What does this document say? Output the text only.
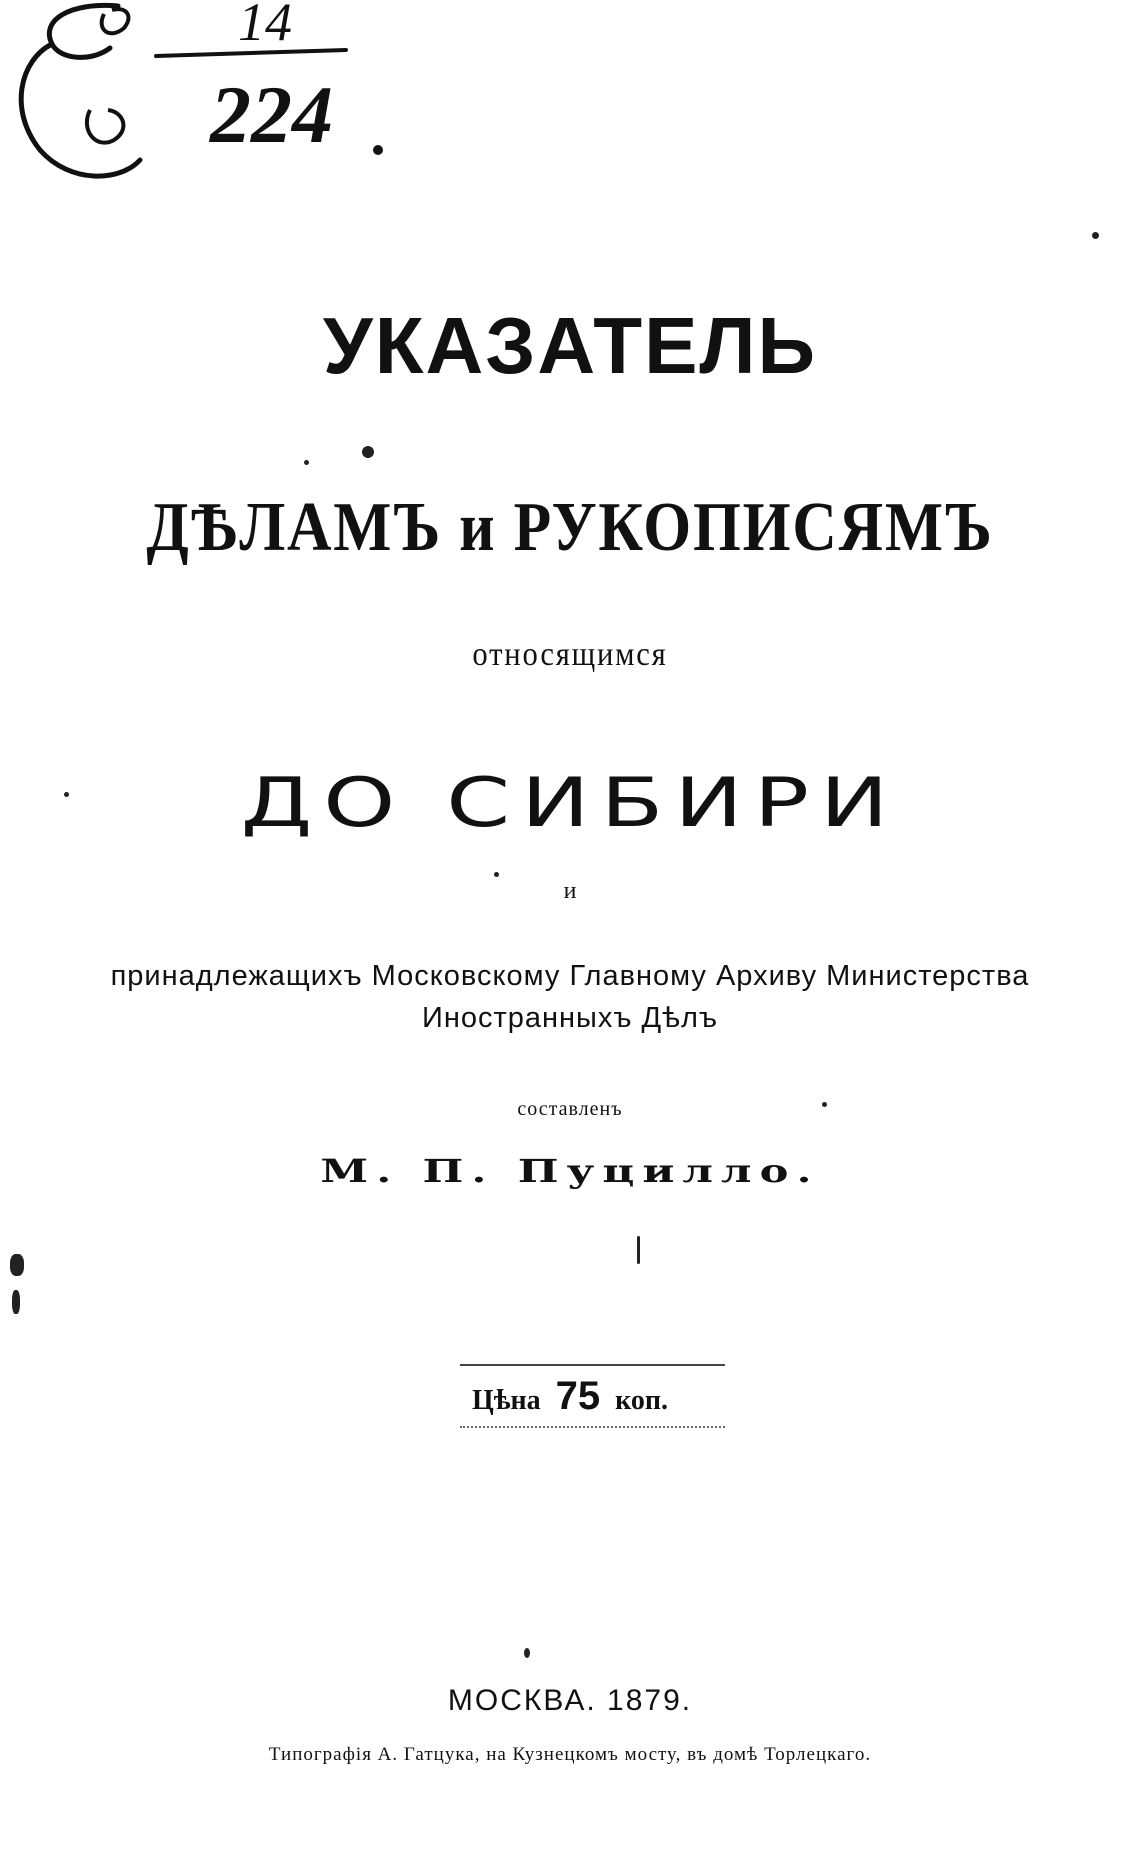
14
224
УКАЗАТЕЛЬ
ДѢЛАМЪ и РУКОПИСЯМЪ
относящимся
ДО СИБИРИ
и
принадлежащихъ Московскому Главному Архиву Министерства
Иностранныхъ Дѣлъ
составленъ
М. П. Пуцилло.
Цѣна 75 коп.
МОСКВА. 1879.
Типографія А. Гатцука, на Кузнецкомъ мосту, въ домѣ Торлецкаго.
